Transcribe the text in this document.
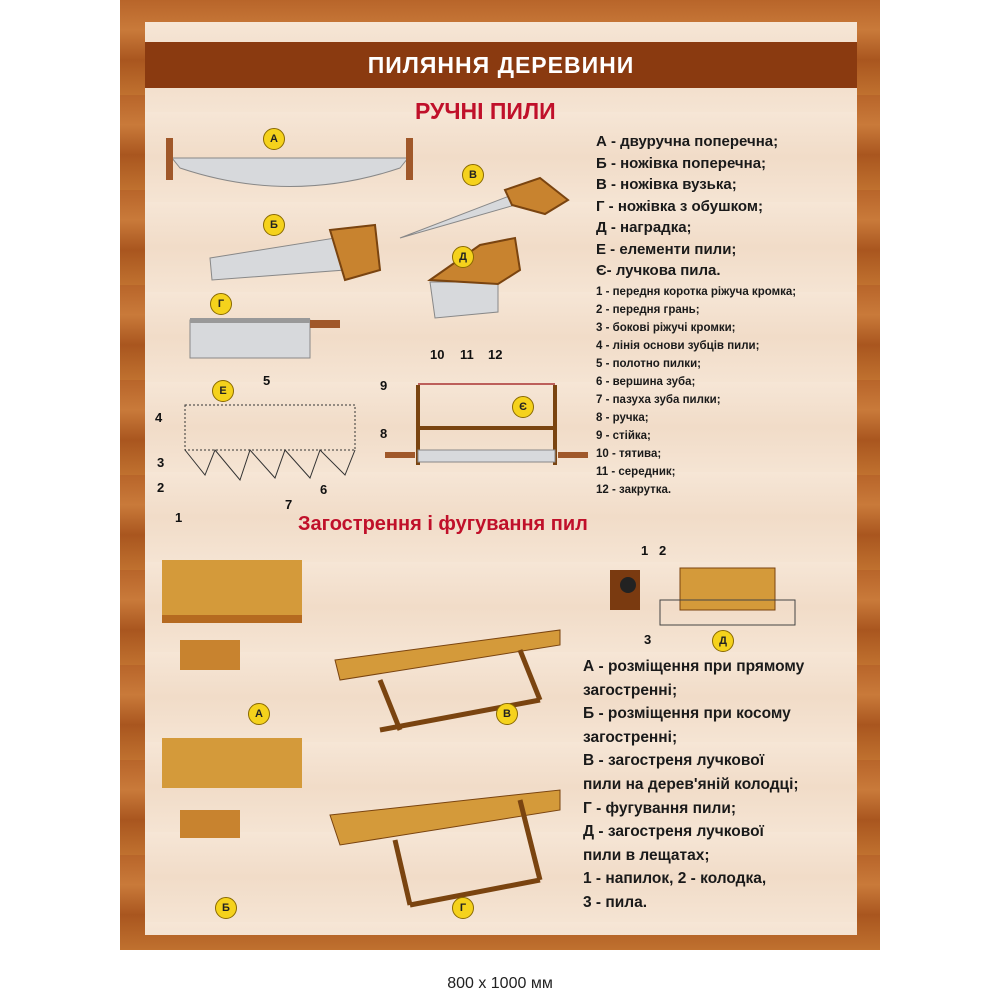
ПИЛЯННЯ ДЕРЕВИНИ
РУЧНІ ПИЛИ
Загострення і фугування пил
А
В
Б
Д
Г
Е
Є
А	В
Д
Б	Г
5
4
3
2
1
7
6
8
9
10 11 12
1 2
3
А - двуручна поперечна;
Б - ножівка поперечна;
В - ножівка вузька;
Г - ножівка з обушком;
Д - наградка;
Е - елементи пили;
Є- лучкова пила.
1 - передня коротка ріжуча кромка;
2 - передня грань;
3 - бокові ріжучі кромки;
4 - лінія основи зубців пили;
5 - полотно пилки;
6 - вершина зуба;
7 - пазуха зуба пилки;
8 - ручка;
9 - стійка;
10 - тятива;
11 - середник;
12 - закрутка.
А - розміщення при прямому
загостренні;
Б - розміщення при косому
загостренні;
В - загостреня лучкової
пили на дерев'яній колодці;
Г - фугування пили;
Д - загостреня лучкової
пили в лещатах;
1 - напилок, 2 - колодка,
3 - пила.
800 x 1000 мм
